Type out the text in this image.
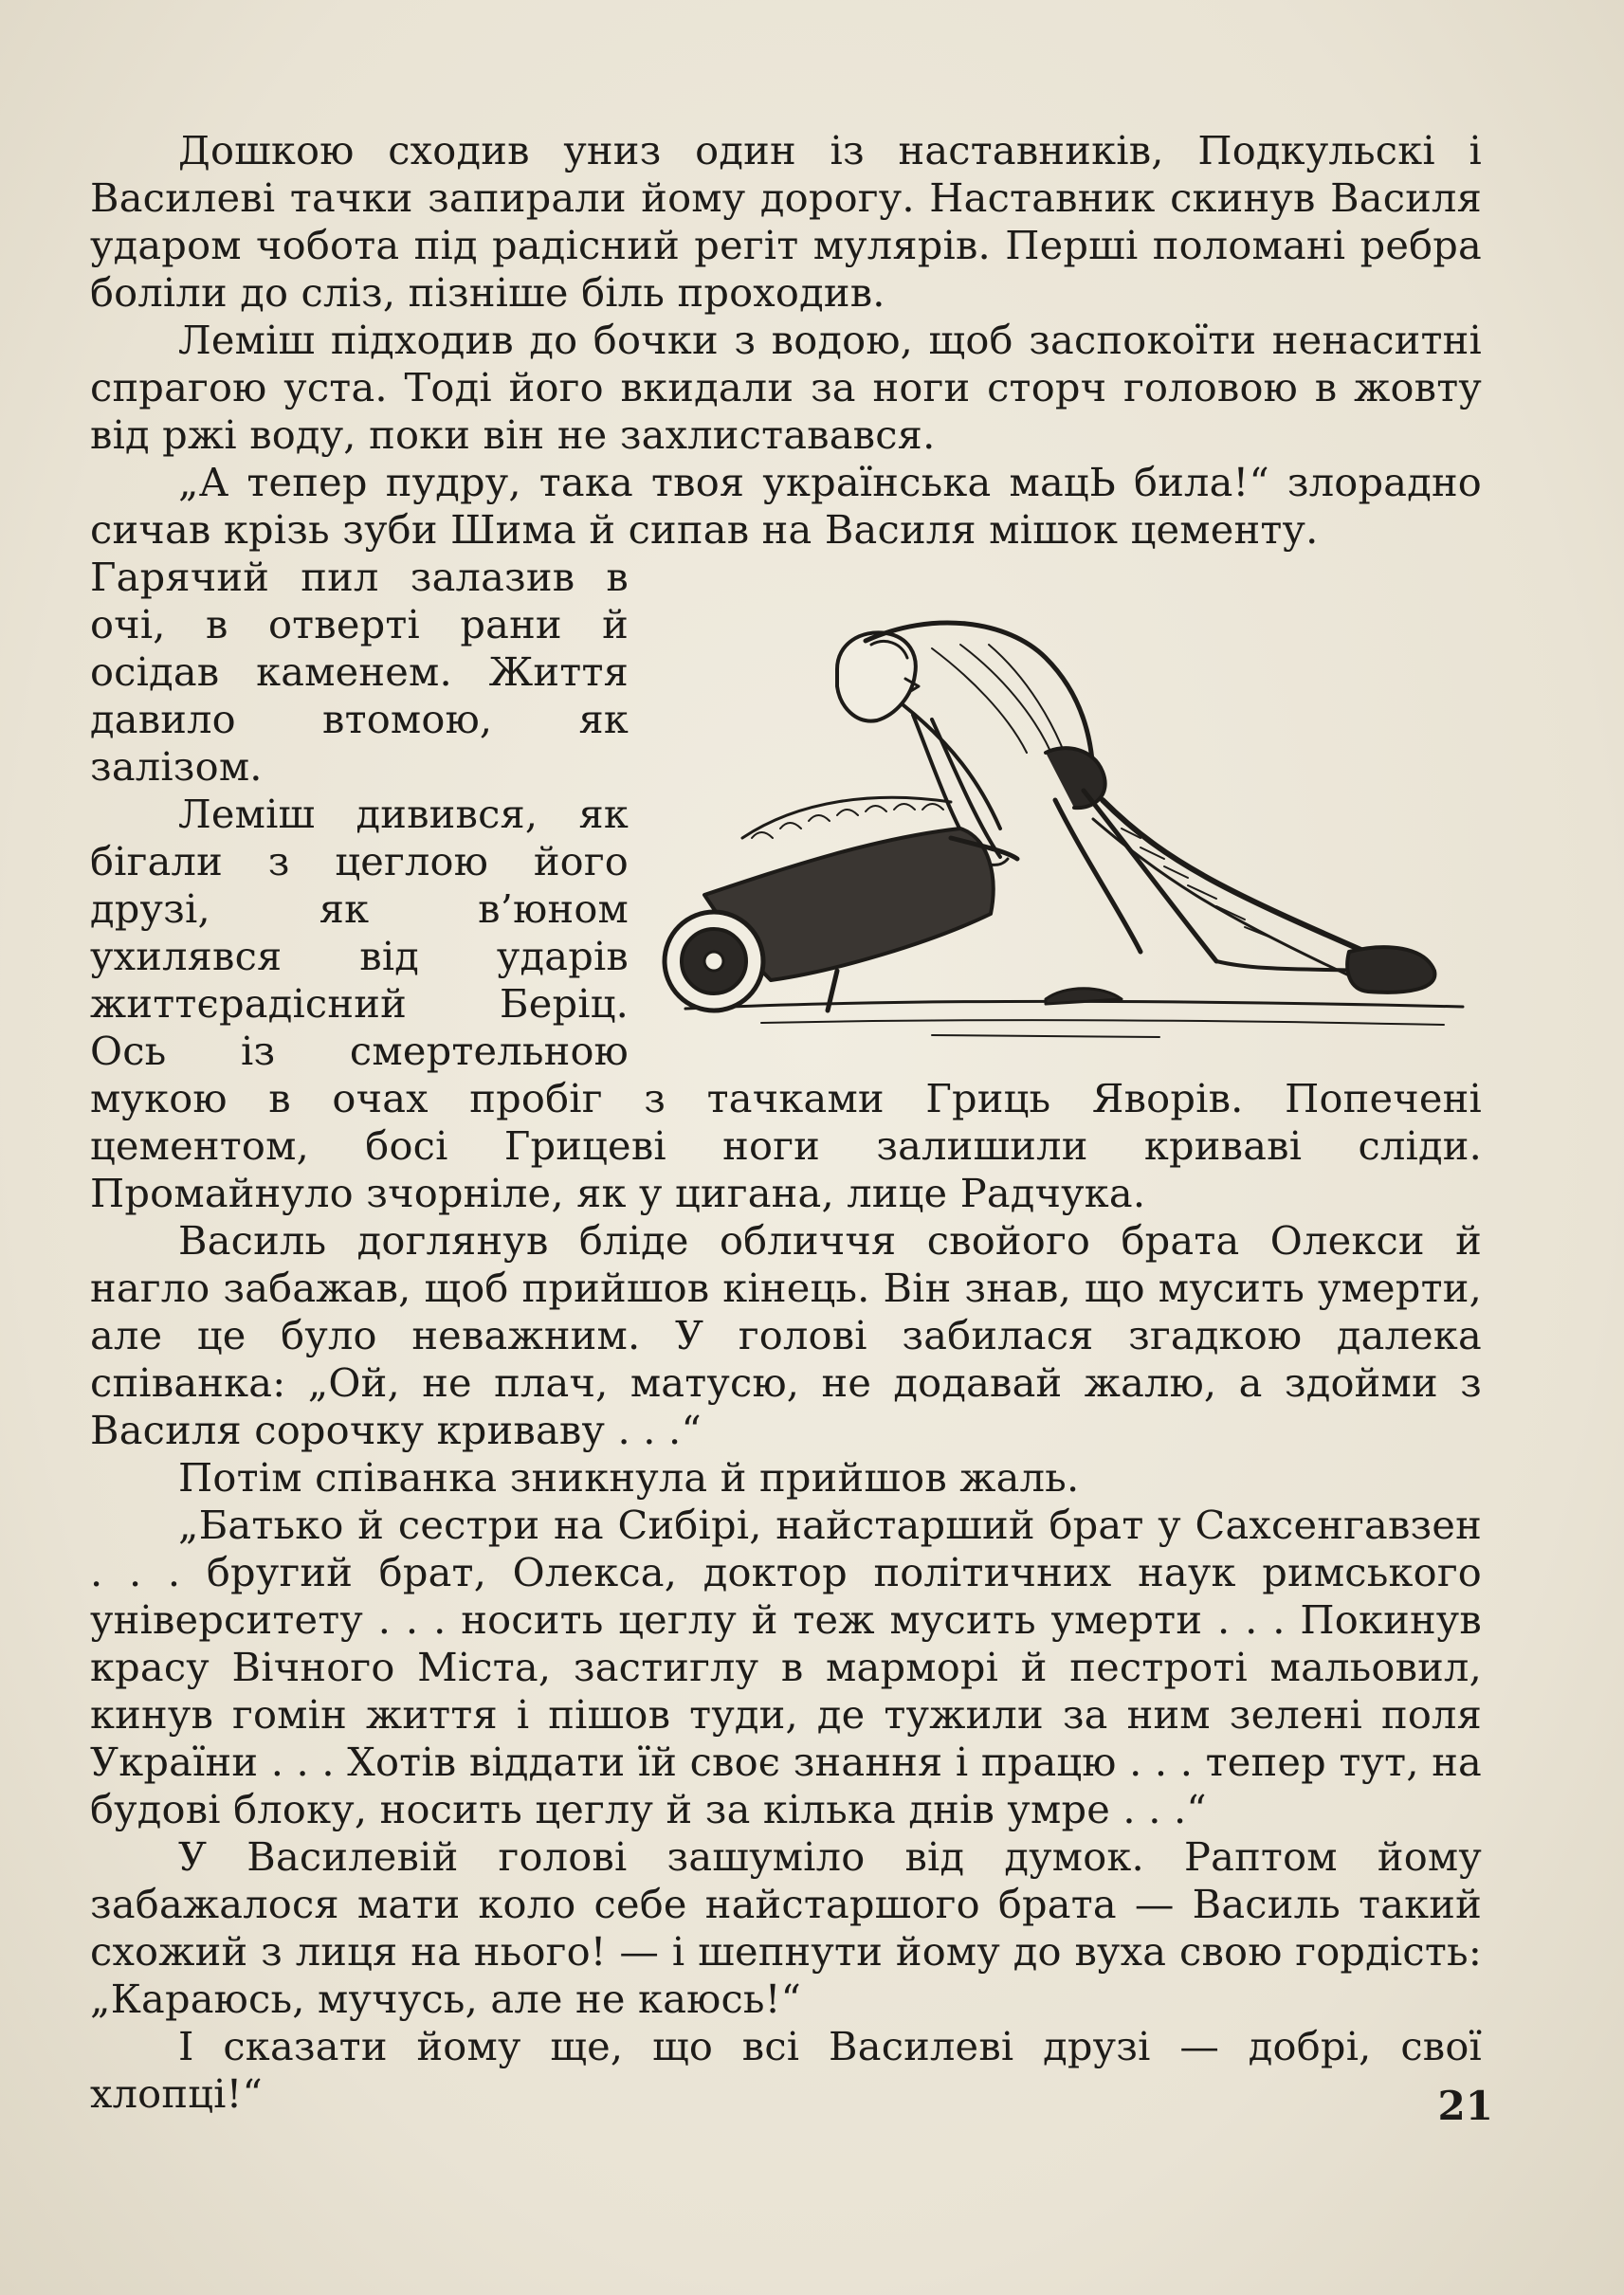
Дошкою сходив униз один із наставників, Подкульскі і Василеві тачки запирали йому дорогу. Наставник скинув Василя ударом чобота під радісний регіт мулярів. Перші поломані ребра боліли до сліз, пізніше біль проходив.

Леміш підходив до бочки з водою, щоб заспокоїти ненаситні спрагою уста. Тоді його вкидали за ноги сторч головою в жовту від ржі воду, поки він не захлиставався.

„А тепер пудру, така твоя українська мацЬ била!“ злорадно сичав крізь зуби Шима й сипав на Василя мішок цементу.

Гарячий пил залазив в очі, в отверті рани й осідав каменем. Життя давило втомою, як залізом.

Леміш дивився, як бігали з цеглою його друзі, як в’юном ухилявся від ударів життєрадісний Беріц. Ось із смертельною мукою в очах пробіг з тачками Гриць Яворів. Попечені цементом, босі Грицеві ноги залишили криваві сліди. Промайнуло зчорніле, як у цигана, лице Радчука.

Василь доглянув бліде обличчя свойого брата Олекси й нагло забажав, щоб прийшов кінець. Він знав, що мусить умерти, але це було неважним. У голові забилася згадкою далека співанка: „Ой, не плач, матусю, не додавай жалю, а здойми з Василя сорочку криваву . . .“

Потім співанка зникнула й прийшов жаль.

„Батько й сестри на Сибірі, найстарший брат у Сахсенгавзен . . . бругий брат, Олекса, доктор політичних наук римського університету . . . носить цеглу й теж мусить умерти . . . Покинув красу Вічного Міста, застиглу в марморі й пестроті мальовил, кинув гомін життя і пішов туди, де тужили за ним зелені поля України . . . Хотів віддати їй своє знання і працю . . . тепер тут, на будові блоку, носить цеглу й за кілька днів умре . . .“

У Василевій голові зашуміло від думок. Раптом йому забажалося мати коло себе найстаршого брата — Василь такий схожий з лиця на нього! — і шепнути йому до вуха свою гордість: „Караюсь, мучусь, але не каюсь!“

І сказати йому ще, що всі Василеві друзі — добрі, свої хлопці!“	21
